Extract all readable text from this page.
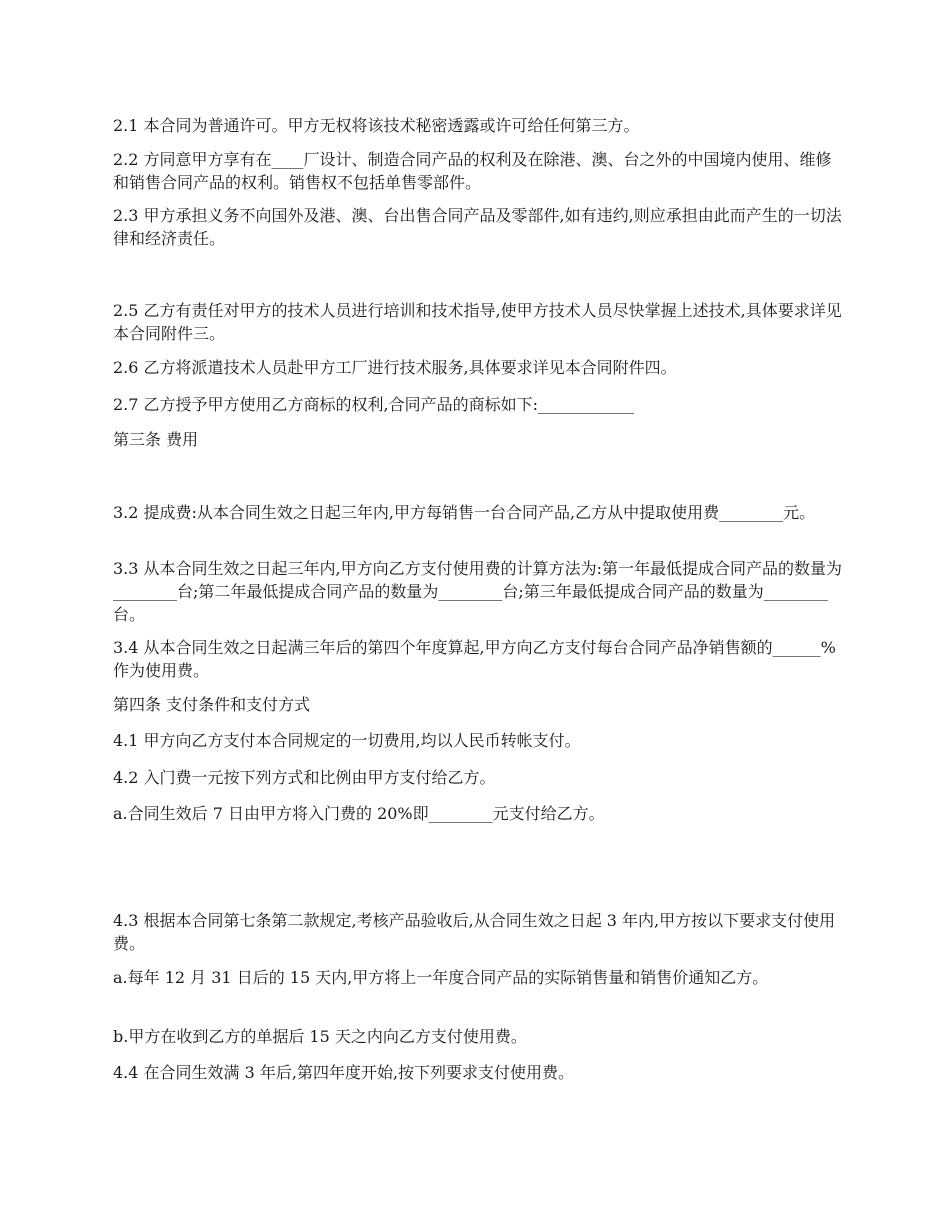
2.1 本合同为普通许可。甲方无权将该技术秘密透露或许可给任何第三方。

2.2 方同意甲方享有在____厂设计、制造合同产品的权利及在除港、澳、台之外的中国境内使用、维修和销售合同产品的权利。销售权不包括单售零部件。

2.3 甲方承担义务不向国外及港、澳、台出售合同产品及零部件,如有违约,则应承担由此而产生的一切法律和经济责任。

2.5 乙方有责任对甲方的技术人员进行培训和技术指导,使甲方技术人员尽快掌握上述技术,具体要求详见本合同附件三。

2.6 乙方将派遣技术人员赴甲方工厂进行技术服务,具体要求详见本合同附件四。

2.7 乙方授予甲方使用乙方商标的权利,合同产品的商标如下:____________

第三条 费用

3.2 提成费:从本合同生效之日起三年内,甲方每销售一台合同产品,乙方从中提取使用费________元。

3.3 从本合同生效之日起三年内,甲方向乙方支付使用费的计算方法为:第一年最低提成合同产品的数量为________台;第二年最低提成合同产品的数量为________台;第三年最低提成合同产品的数量为________台。

3.4 从本合同生效之日起满三年后的第四个年度算起,甲方向乙方支付每台合同产品净销售额的______%作为使用费。

第四条 支付条件和支付方式

4.1 甲方向乙方支付本合同规定的一切费用,均以人民币转帐支付。

4.2 入门费一元按下列方式和比例由甲方支付给乙方。

a.合同生效后 7 日由甲方将入门费的 20%即________元支付给乙方。

4.3 根据本合同第七条第二款规定,考核产品验收后,从合同生效之日起 3 年内,甲方按以下要求支付使用费。

a.每年 12 月 31 日后的 15 天内,甲方将上一年度合同产品的实际销售量和销售价通知乙方。

b.甲方在收到乙方的单据后 15 天之内向乙方支付使用费。

4.4 在合同生效满 3 年后,第四年度开始,按下列要求支付使用费。
